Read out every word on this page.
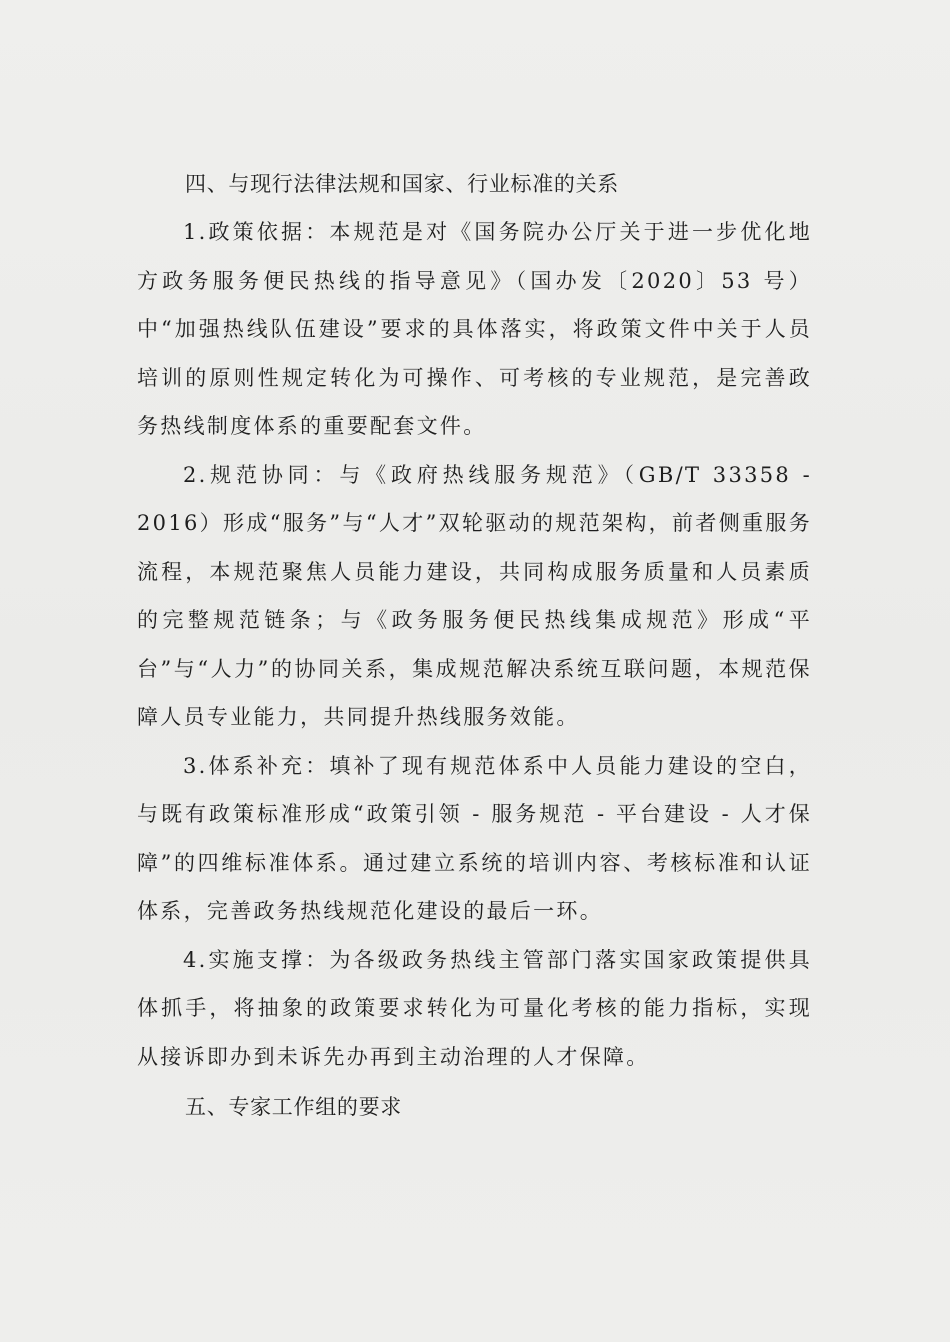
四、与现行法律法规和国家、行业标准的关系

1.政策依据：本规范是对《国务院办公厅关于进一步优化地方政务服务便民热线的指导意见》（国办发〔2020〕53 号）中“加强热线队伍建设”要求的具体落实，将政策文件中关于人员培训的原则性规定转化为可操作、可考核的专业规范，是完善政务热线制度体系的重要配套文件。

2.规范协同：与《政府热线服务规范》（GB/T 33358 - 2016）形成“服务”与“人才”双轮驱动的规范架构，前者侧重服务流程，本规范聚焦人员能力建设，共同构成服务质量和人员素质的完整规范链条；与《政务服务便民热线集成规范》形成“平台”与“人力”的协同关系，集成规范解决系统互联问题，本规范保障人员专业能力，共同提升热线服务效能。

3.体系补充：填补了现有规范体系中人员能力建设的空白，与既有政策标准形成“政策引领 - 服务规范 - 平台建设 - 人才保障”的四维标准体系。通过建立系统的培训内容、考核标准和认证体系，完善政务热线规范化建设的最后一环。

4.实施支撑：为各级政务热线主管部门落实国家政策提供具体抓手，将抽象的政策要求转化为可量化考核的能力指标，实现从接诉即办到未诉先办再到主动治理的人才保障。

五、专家工作组的要求
